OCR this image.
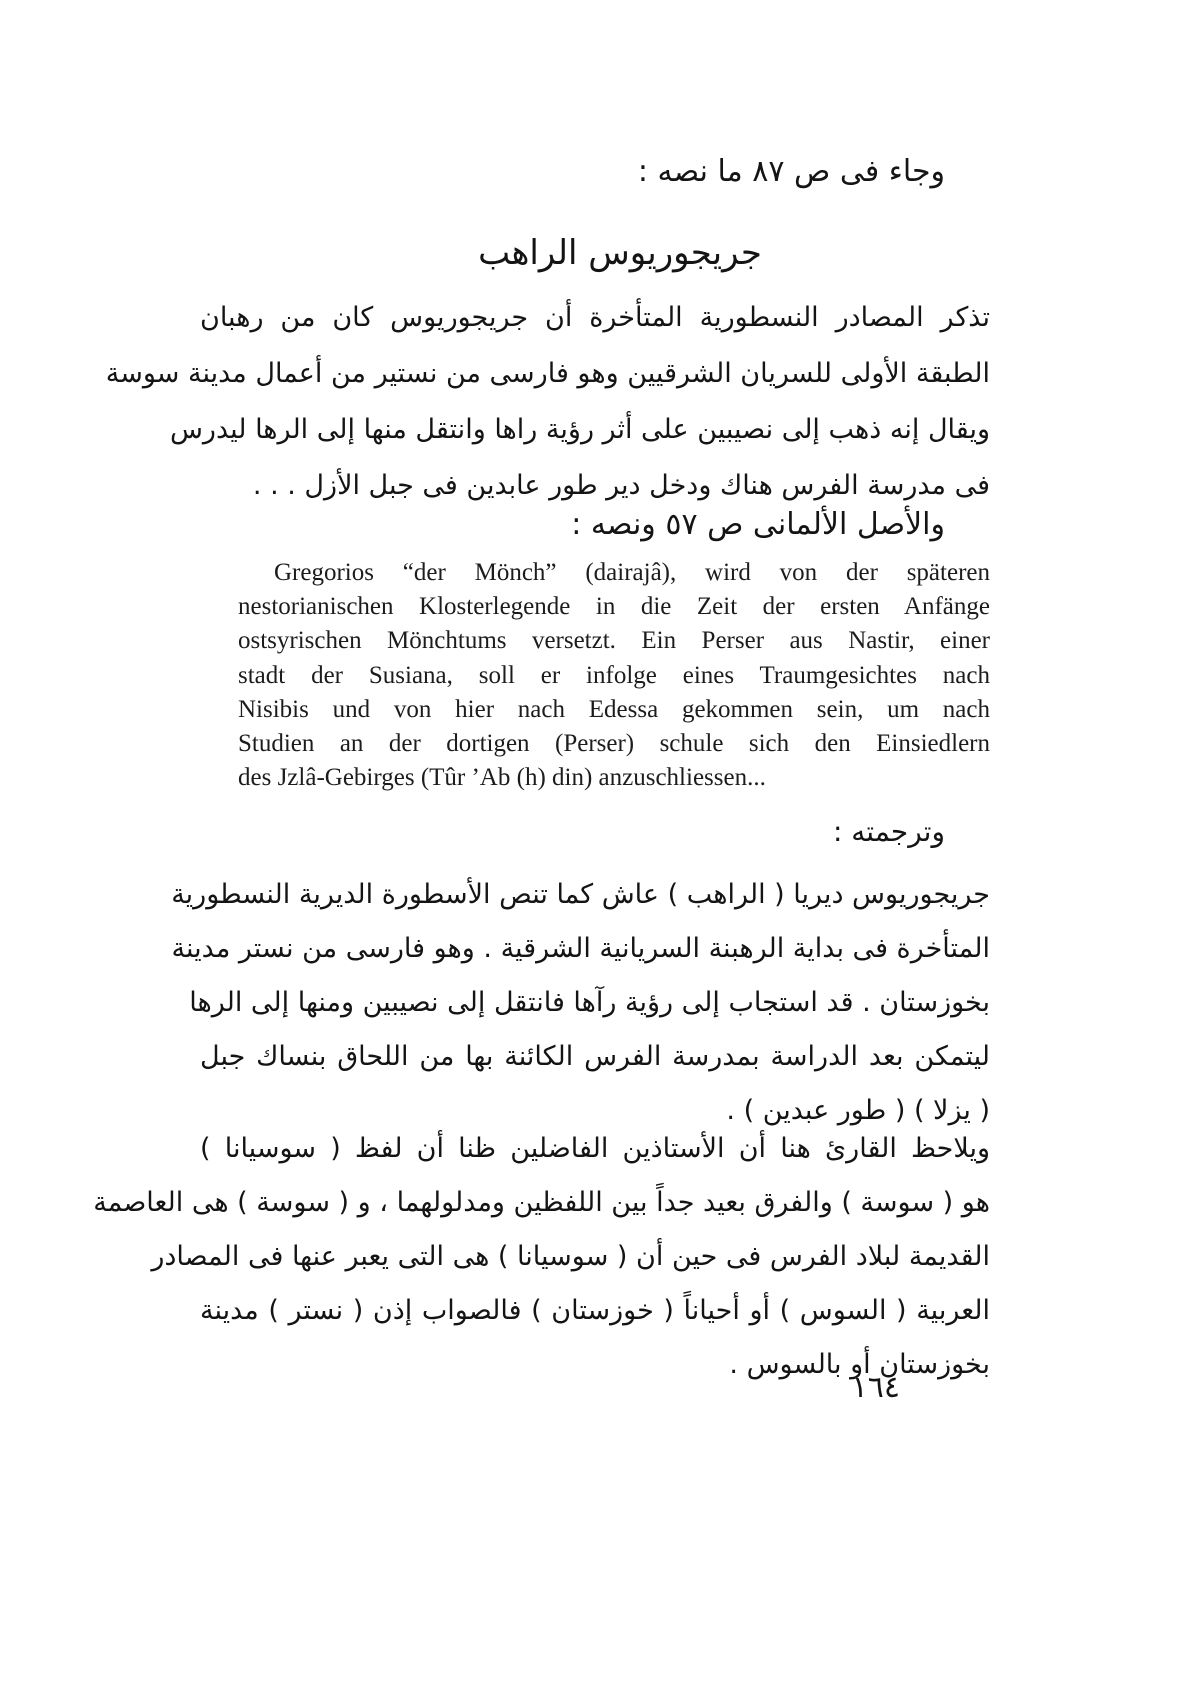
وجاء فى ص ٨٧ ما نصه :
جريجوريوس الراهب
تذكر المصادر النسطورية المتأخرة أن جريجوريوس كان من رهبان
الطبقة الأولى للسريان الشرقيين وهو فارسى من نستير من أعمال مدينة سوسة
ويقال إنه ذهب إلى نصيبين على أثر رؤية راها وانتقل منها إلى الرها ليدرس
فى مدرسة الفرس هناك ودخل دير طور عابدين فى جبل الأزل . . .
والأصل الألمانى ص ٥٧ ونصه :
Gregorios “der Mönch” (dairajâ), wird von der späteren
nestorianischen Klosterlegende in die Zeit der ersten Anfänge
ostsyrischen Mönchtums versetzt. Ein Perser aus Nastir, einer
stadt der Susiana, soll er infolge eines Traumgesichtes nach
Nisibis und von hier nach Edessa gekommen sein, um nach
Studien an der dortigen (Perser) schule sich den Einsiedlern
des Jzlâ-Gebirges (Tûr ’Ab (h) din) anzuschliessen...
وترجمته :
جريجوريوس ديريا ( الراهب ) عاش كما تنص الأسطورة الديرية النسطورية
المتأخرة فى بداية الرهبنة السريانية الشرقية . وهو فارسى من نستر مدينة
بخوزستان . قد استجاب إلى رؤية رآها فانتقل إلى نصيبين ومنها إلى الرها
ليتمكن بعد الدراسة بمدرسة الفرس الكائنة بها من اللحاق بنساك جبل
( يزلا ) ( طور عبدين ) .
ويلاحظ القارئ هنا أن الأستاذين الفاضلين ظنا أن لفظ ( سوسيانا )
هو ( سوسة ) والفرق بعيد جداً بين اللفظين ومدلولهما ، و ( سوسة ) هى العاصمة
القديمة لبلاد الفرس فى حين أن ( سوسيانا ) هى التى يعبر عنها فى المصادر
العربية ( السوس ) أو أحياناً ( خوزستان ) فالصواب إذن ( نستر ) مدينة
بخوزستان أو بالسوس .
١٦٤
